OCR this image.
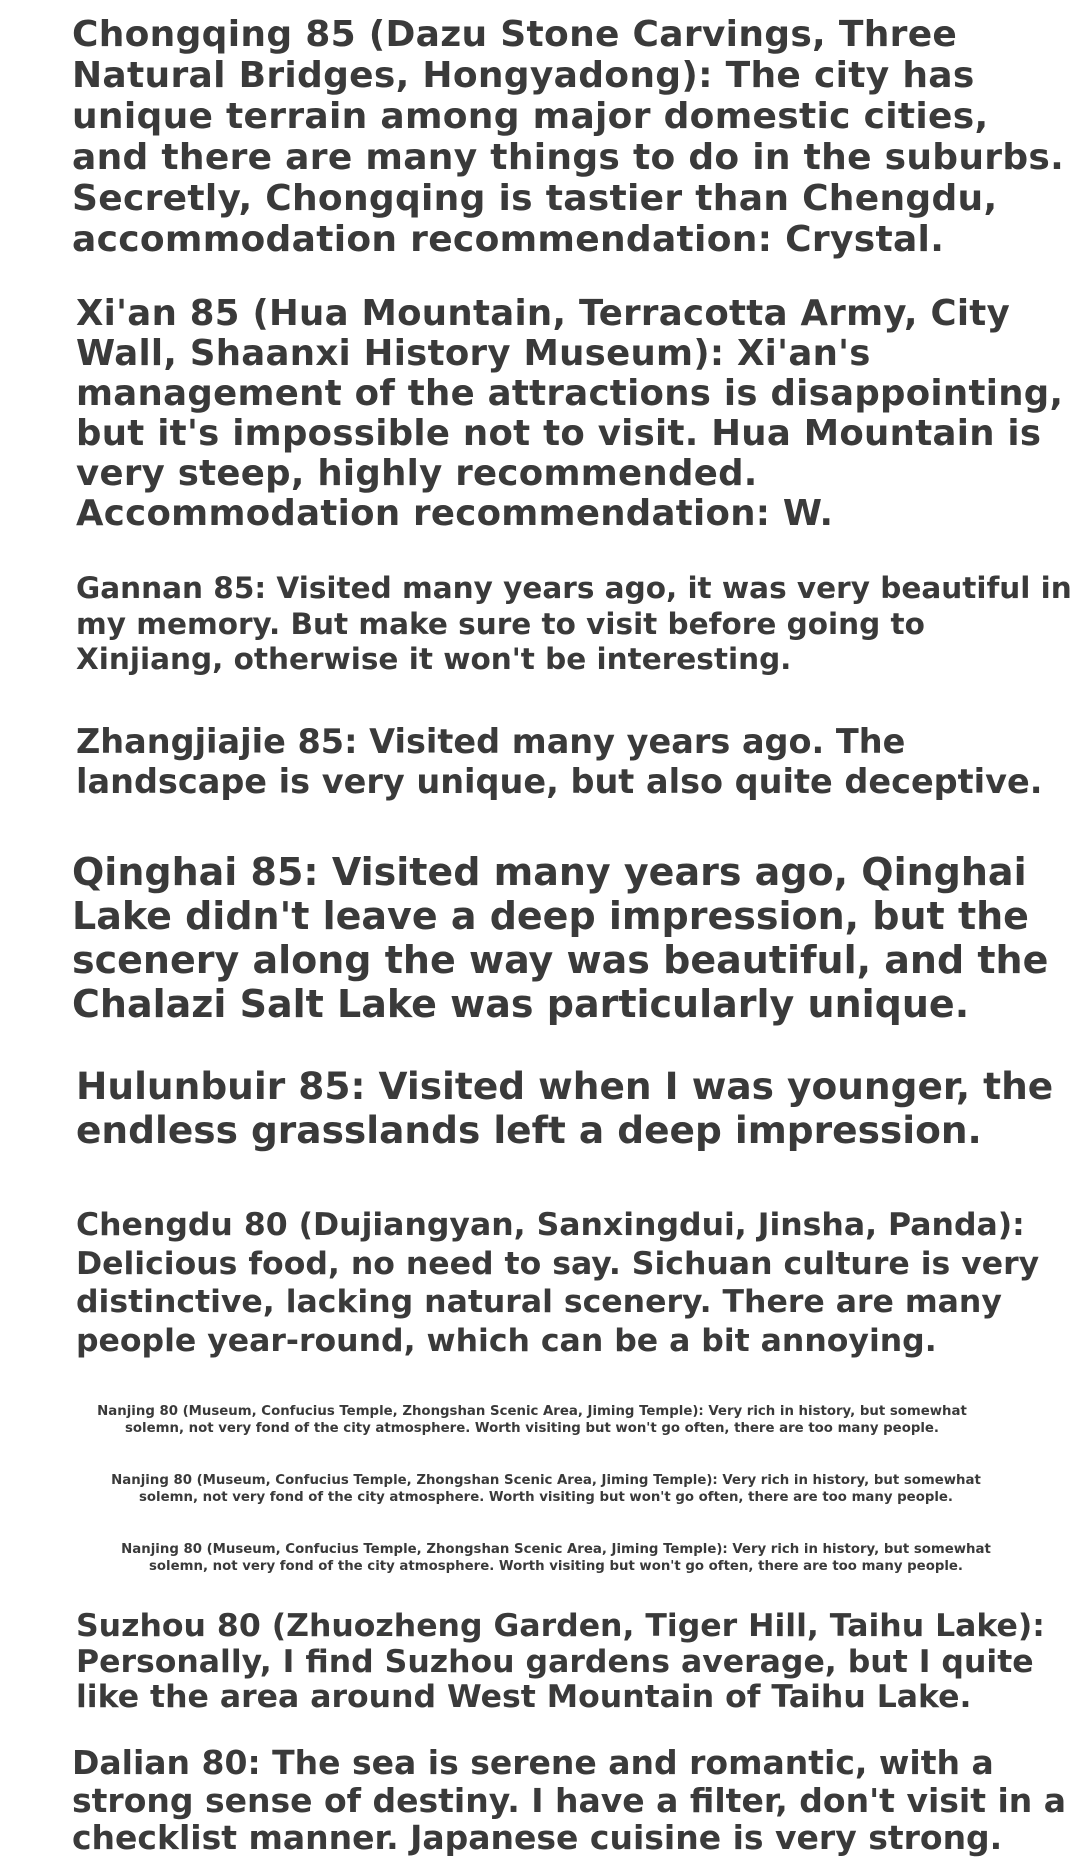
Chongqing 85 (Dazu Stone Carvings, Three Natural Bridges, Hongyadong): The city has unique terrain among major domestic cities, and there are many things to do in the suburbs. Secretly, Chongqing is tastier than Chengdu, accommodation recommendation: Crystal.

Xi'an 85 (Hua Mountain, Terracotta Army, City Wall, Shaanxi History Museum): Xi'an's management of the attractions is disappointing, but it's impossible not to visit. Hua Mountain is very steep, highly recommended. Accommodation recommendation: W.

Gannan 85: Visited many years ago, it was very beautiful in my memory. But make sure to visit before going to Xinjiang, otherwise it won't be interesting.

Zhangjiajie 85: Visited many years ago. The landscape is very unique, but also quite deceptive.

Qinghai 85: Visited many years ago, Qinghai Lake didn't leave a deep impression, but the scenery along the way was beautiful, and the Chalazi Salt Lake was particularly unique.

Hulunbuir 85: Visited when I was younger, the endless grasslands left a deep impression.

Chengdu 80 (Dujiangyan, Sanxingdui, Jinsha, Panda): Delicious food, no need to say. Sichuan culture is very distinctive, lacking natural scenery. There are many people year-round, which can be a bit annoying.

Nanjing 80 (Museum, Confucius Temple, Zhongshan Scenic Area, Jiming Temple): Very rich in history, but somewhat
solemn, not very fond of the city atmosphere. Worth visiting but won't go often, there are too many people.
Nanjing 80 (Museum, Confucius Temple, Zhongshan Scenic Area, Jiming Temple): Very rich in history, but somewhat
solemn, not very fond of the city atmosphere. Worth visiting but won't go often, there are too many people.
Nanjing 80 (Museum, Confucius Temple, Zhongshan Scenic Area, Jiming Temple): Very rich in history, but somewhat
solemn, not very fond of the city atmosphere. Worth visiting but won't go often, there are too many people.

Suzhou 80 (Zhuozheng Garden, Tiger Hill, Taihu Lake): Personally, I find Suzhou gardens average, but I quite like the area around West Mountain of Taihu Lake.

Dalian 80: The sea is serene and romantic, with a strong sense of destiny. I have a filter, don't visit in a checklist manner. Japanese cuisine is very strong.
